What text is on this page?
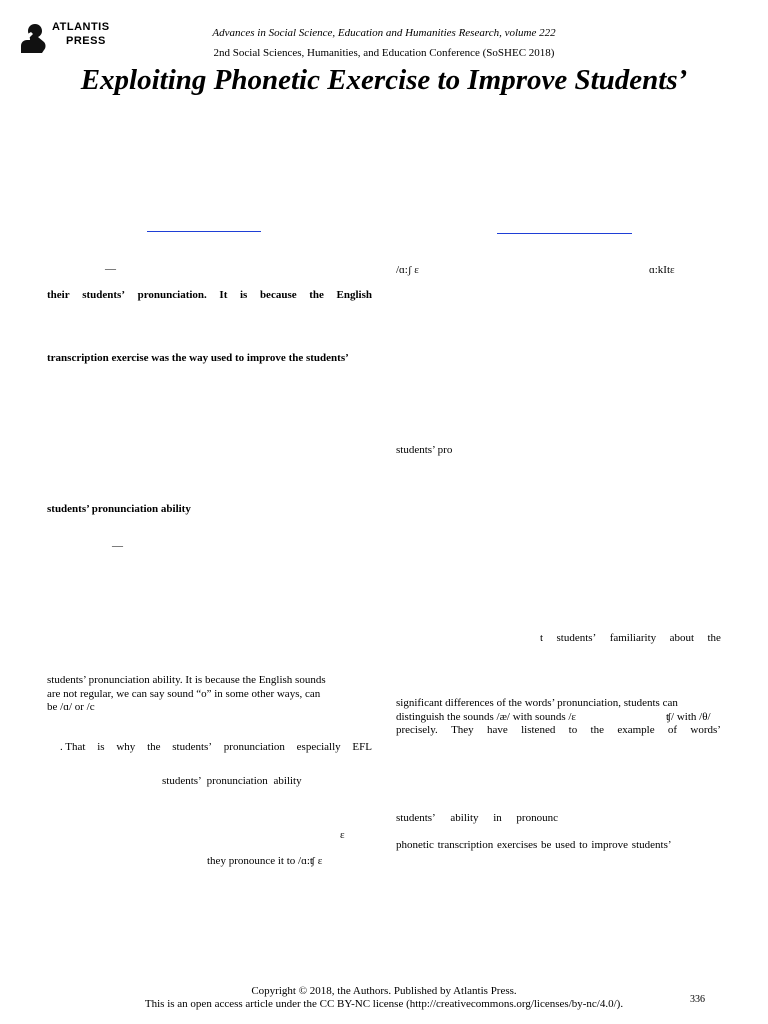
ATLANTIS
PRESS
Advances in Social Science, Education and Humanities Research, volume 222
2nd Social Sciences, Humanities, and Education Conference (SoSHEC 2018)
Exploiting Phonetic Exercise to Improve Students’
—
their students’ pronunciation. It is because the English
transcription exercise was the way used to improve the students’
students’ pronunciation ability
—
students’ pronunciation ability. It is because the English sounds
are not regular, we can say sound “o” in some other ways, can
be /ɑ/ or /c
. That is why the students’ pronunciation especially EFL
students’ pronunciation ability
ɛ
they pronounce it to /ɑ:ʧ ɛ
/ɑ:ʃ ɛ	ɑ:kItɛ
students’ pro
t students’ familiarity about the
significant differences of the words’ pronunciation, students can
distinguish the sounds /æ/ with sounds /ɛ	ʧ/ with /θ/
precisely. They have listened to the example of words’
students’ ability in pronounc
phonetic transcription exercises be used to improve students’
Copyright © 2018, the Authors. Published by Atlantis Press.
This is an open access article under the CC BY-NC license (http://creativecommons.org/licenses/by-nc/4.0/).	336
